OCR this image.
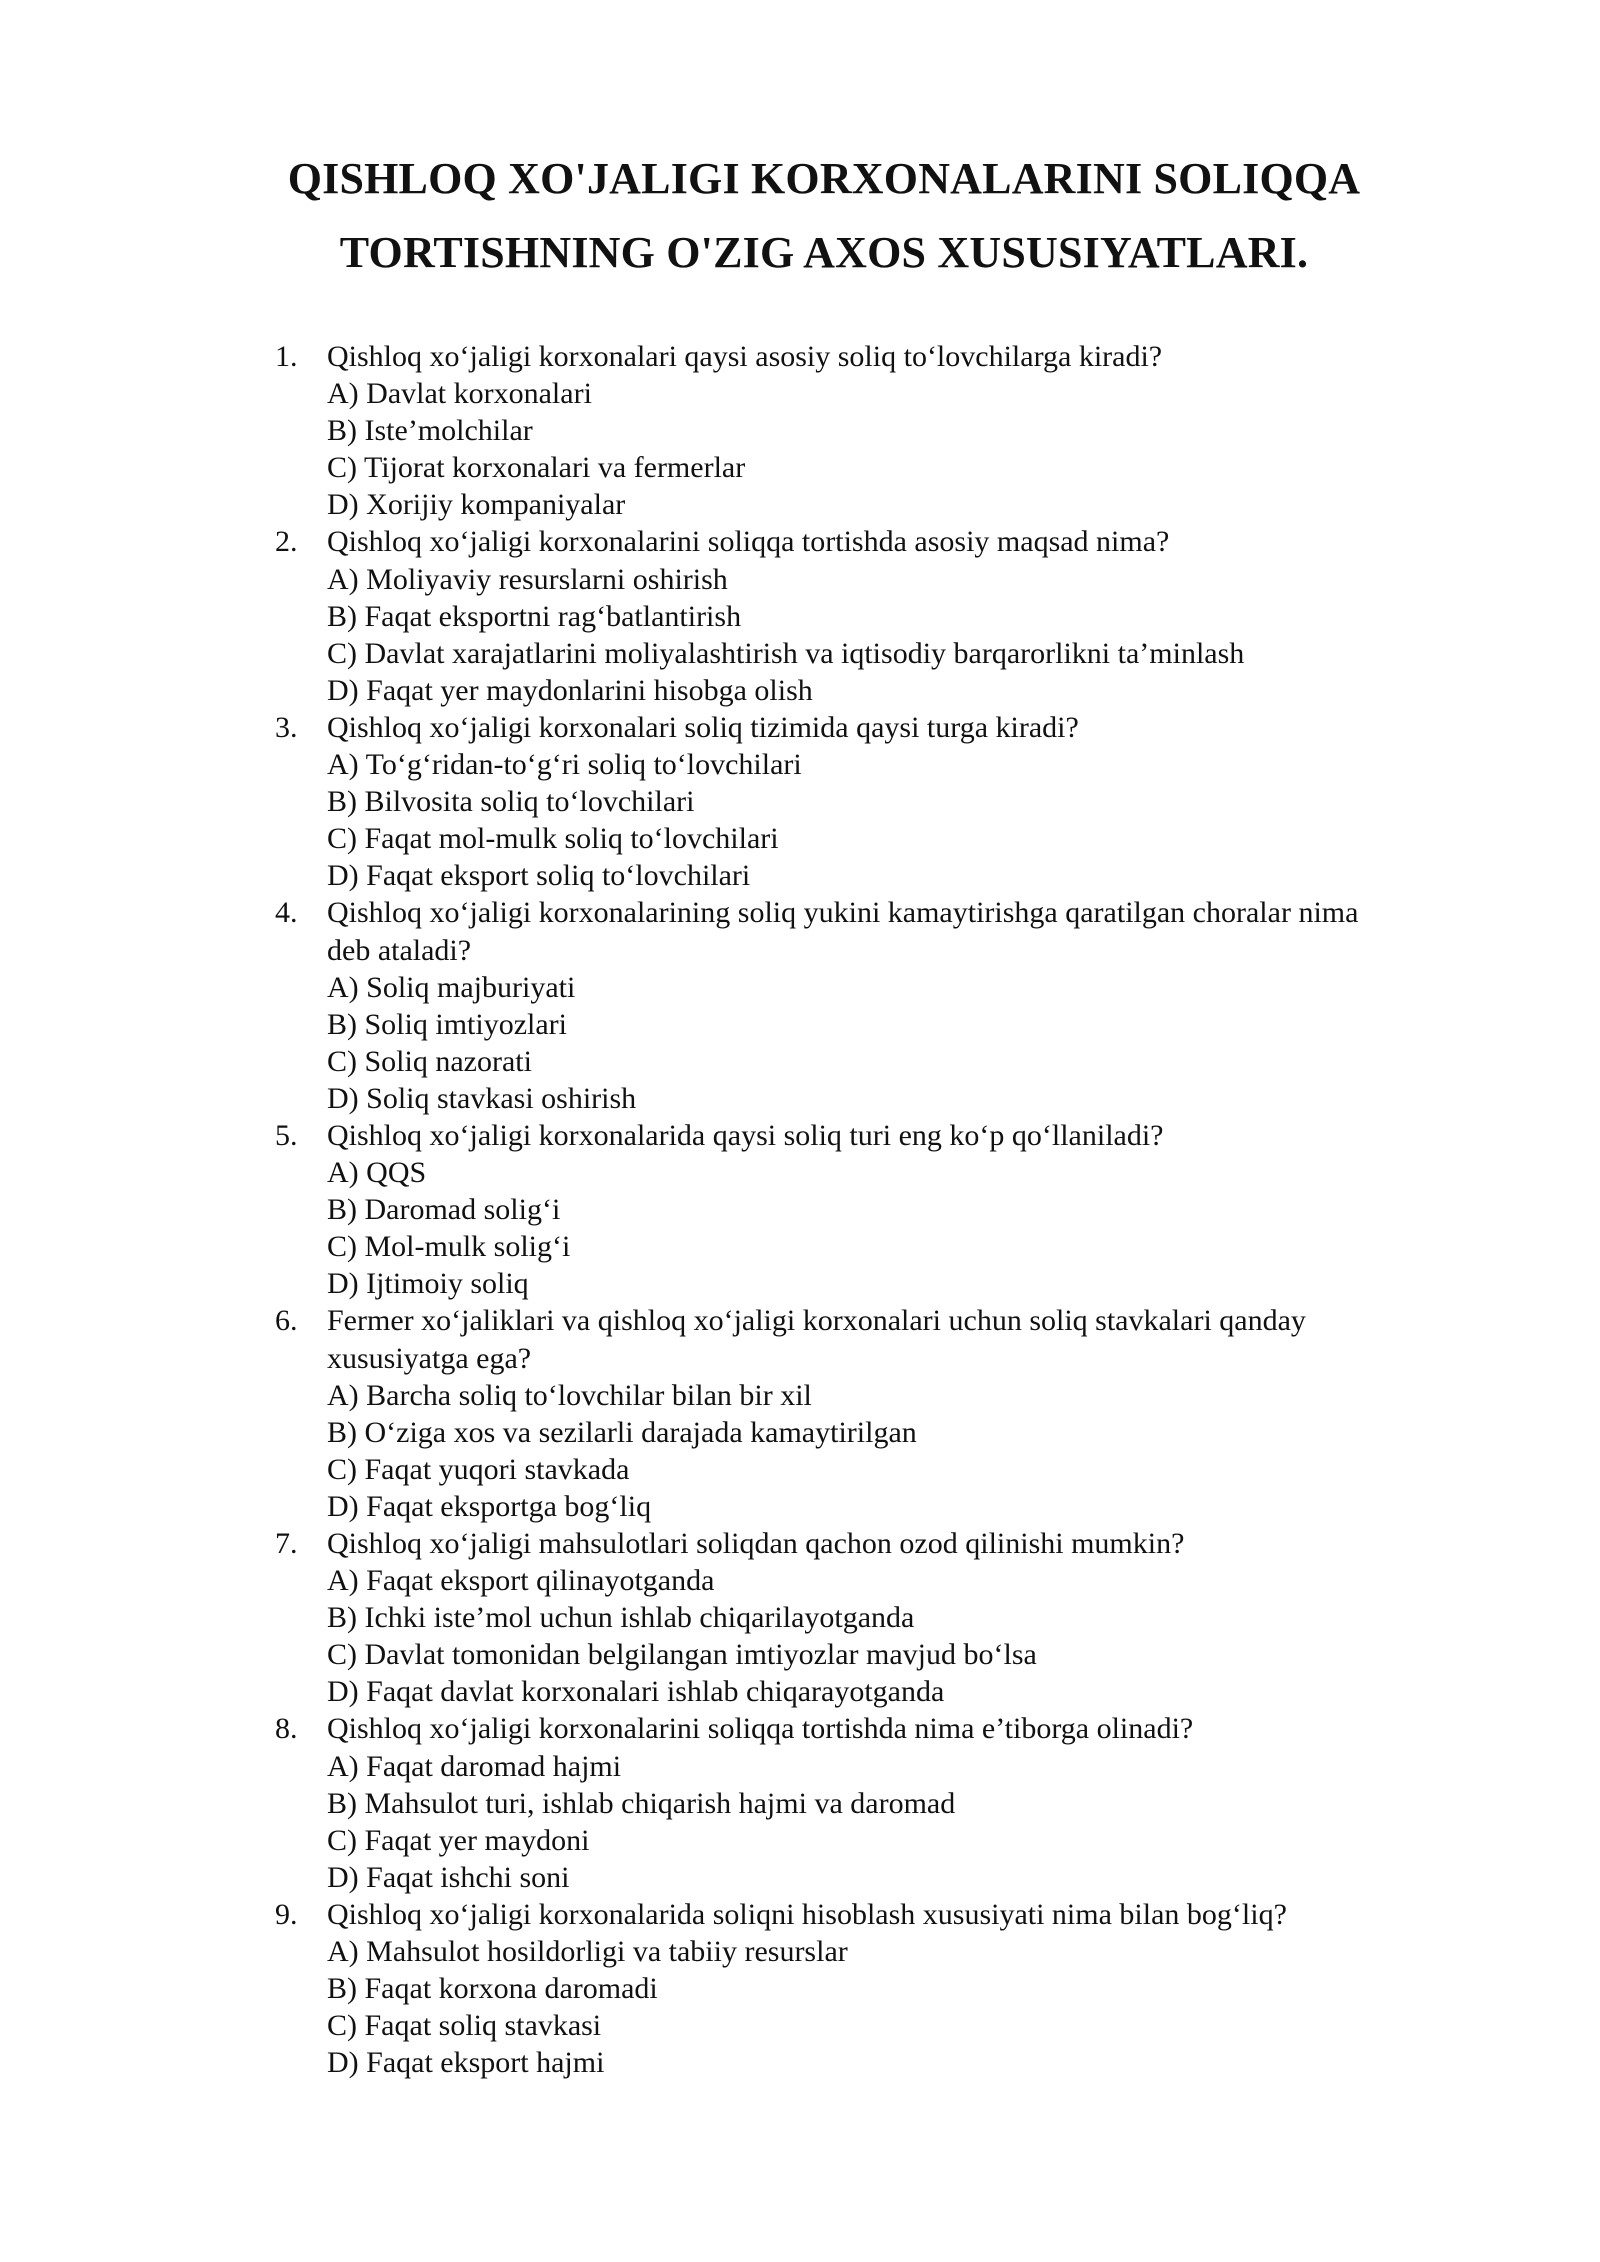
QISHLOQ XO'JALIGI KORXONALARINI SOLIQQA
TORTISHNING O'ZIG AXOS XUSUSIYATLARI.
1. Qishloq xo‘jaligi korxonalari qaysi asosiy soliq to‘lovchilarga kiradi?
A) Davlat korxonalari
B) Iste’molchilar
C) Tijorat korxonalari va fermerlar
D) Xorijiy kompaniyalar
2. Qishloq xo‘jaligi korxonalarini soliqqa tortishda asosiy maqsad nima?
A) Moliyaviy resurslarni oshirish
B) Faqat eksportni rag‘batlantirish
C) Davlat xarajatlarini moliyalashtirish va iqtisodiy barqarorlikni ta’minlash
D) Faqat yer maydonlarini hisobga olish
3. Qishloq xo‘jaligi korxonalari soliq tizimida qaysi turga kiradi?
A) To‘g‘ridan-to‘g‘ri soliq to‘lovchilari
B) Bilvosita soliq to‘lovchilari
C) Faqat mol-mulk soliq to‘lovchilari
D) Faqat eksport soliq to‘lovchilari
4. Qishloq xo‘jaligi korxonalarining soliq yukini kamaytirishga qaratilgan choralar nima
deb ataladi?
A) Soliq majburiyati
B) Soliq imtiyozlari
C) Soliq nazorati
D) Soliq stavkasi oshirish
5. Qishloq xo‘jaligi korxonalarida qaysi soliq turi eng ko‘p qo‘llaniladi?
A) QQS
B) Daromad solig‘i
C) Mol-mulk solig‘i
D) Ijtimoiy soliq
6. Fermer xo‘jaliklari va qishloq xo‘jaligi korxonalari uchun soliq stavkalari qanday
xususiyatga ega?
A) Barcha soliq to‘lovchilar bilan bir xil
B) O‘ziga xos va sezilarli darajada kamaytirilgan
C) Faqat yuqori stavkada
D) Faqat eksportga bog‘liq
7. Qishloq xo‘jaligi mahsulotlari soliqdan qachon ozod qilinishi mumkin?
A) Faqat eksport qilinayotganda
B) Ichki iste’mol uchun ishlab chiqarilayotganda
C) Davlat tomonidan belgilangan imtiyozlar mavjud bo‘lsa
D) Faqat davlat korxonalari ishlab chiqarayotganda
8. Qishloq xo‘jaligi korxonalarini soliqqa tortishda nima e’tiborga olinadi?
A) Faqat daromad hajmi
B) Mahsulot turi, ishlab chiqarish hajmi va daromad
C) Faqat yer maydoni
D) Faqat ishchi soni
9. Qishloq xo‘jaligi korxonalarida soliqni hisoblash xususiyati nima bilan bog‘liq?
A) Mahsulot hosildorligi va tabiiy resurslar
B) Faqat korxona daromadi
C) Faqat soliq stavkasi
D) Faqat eksport hajmi
